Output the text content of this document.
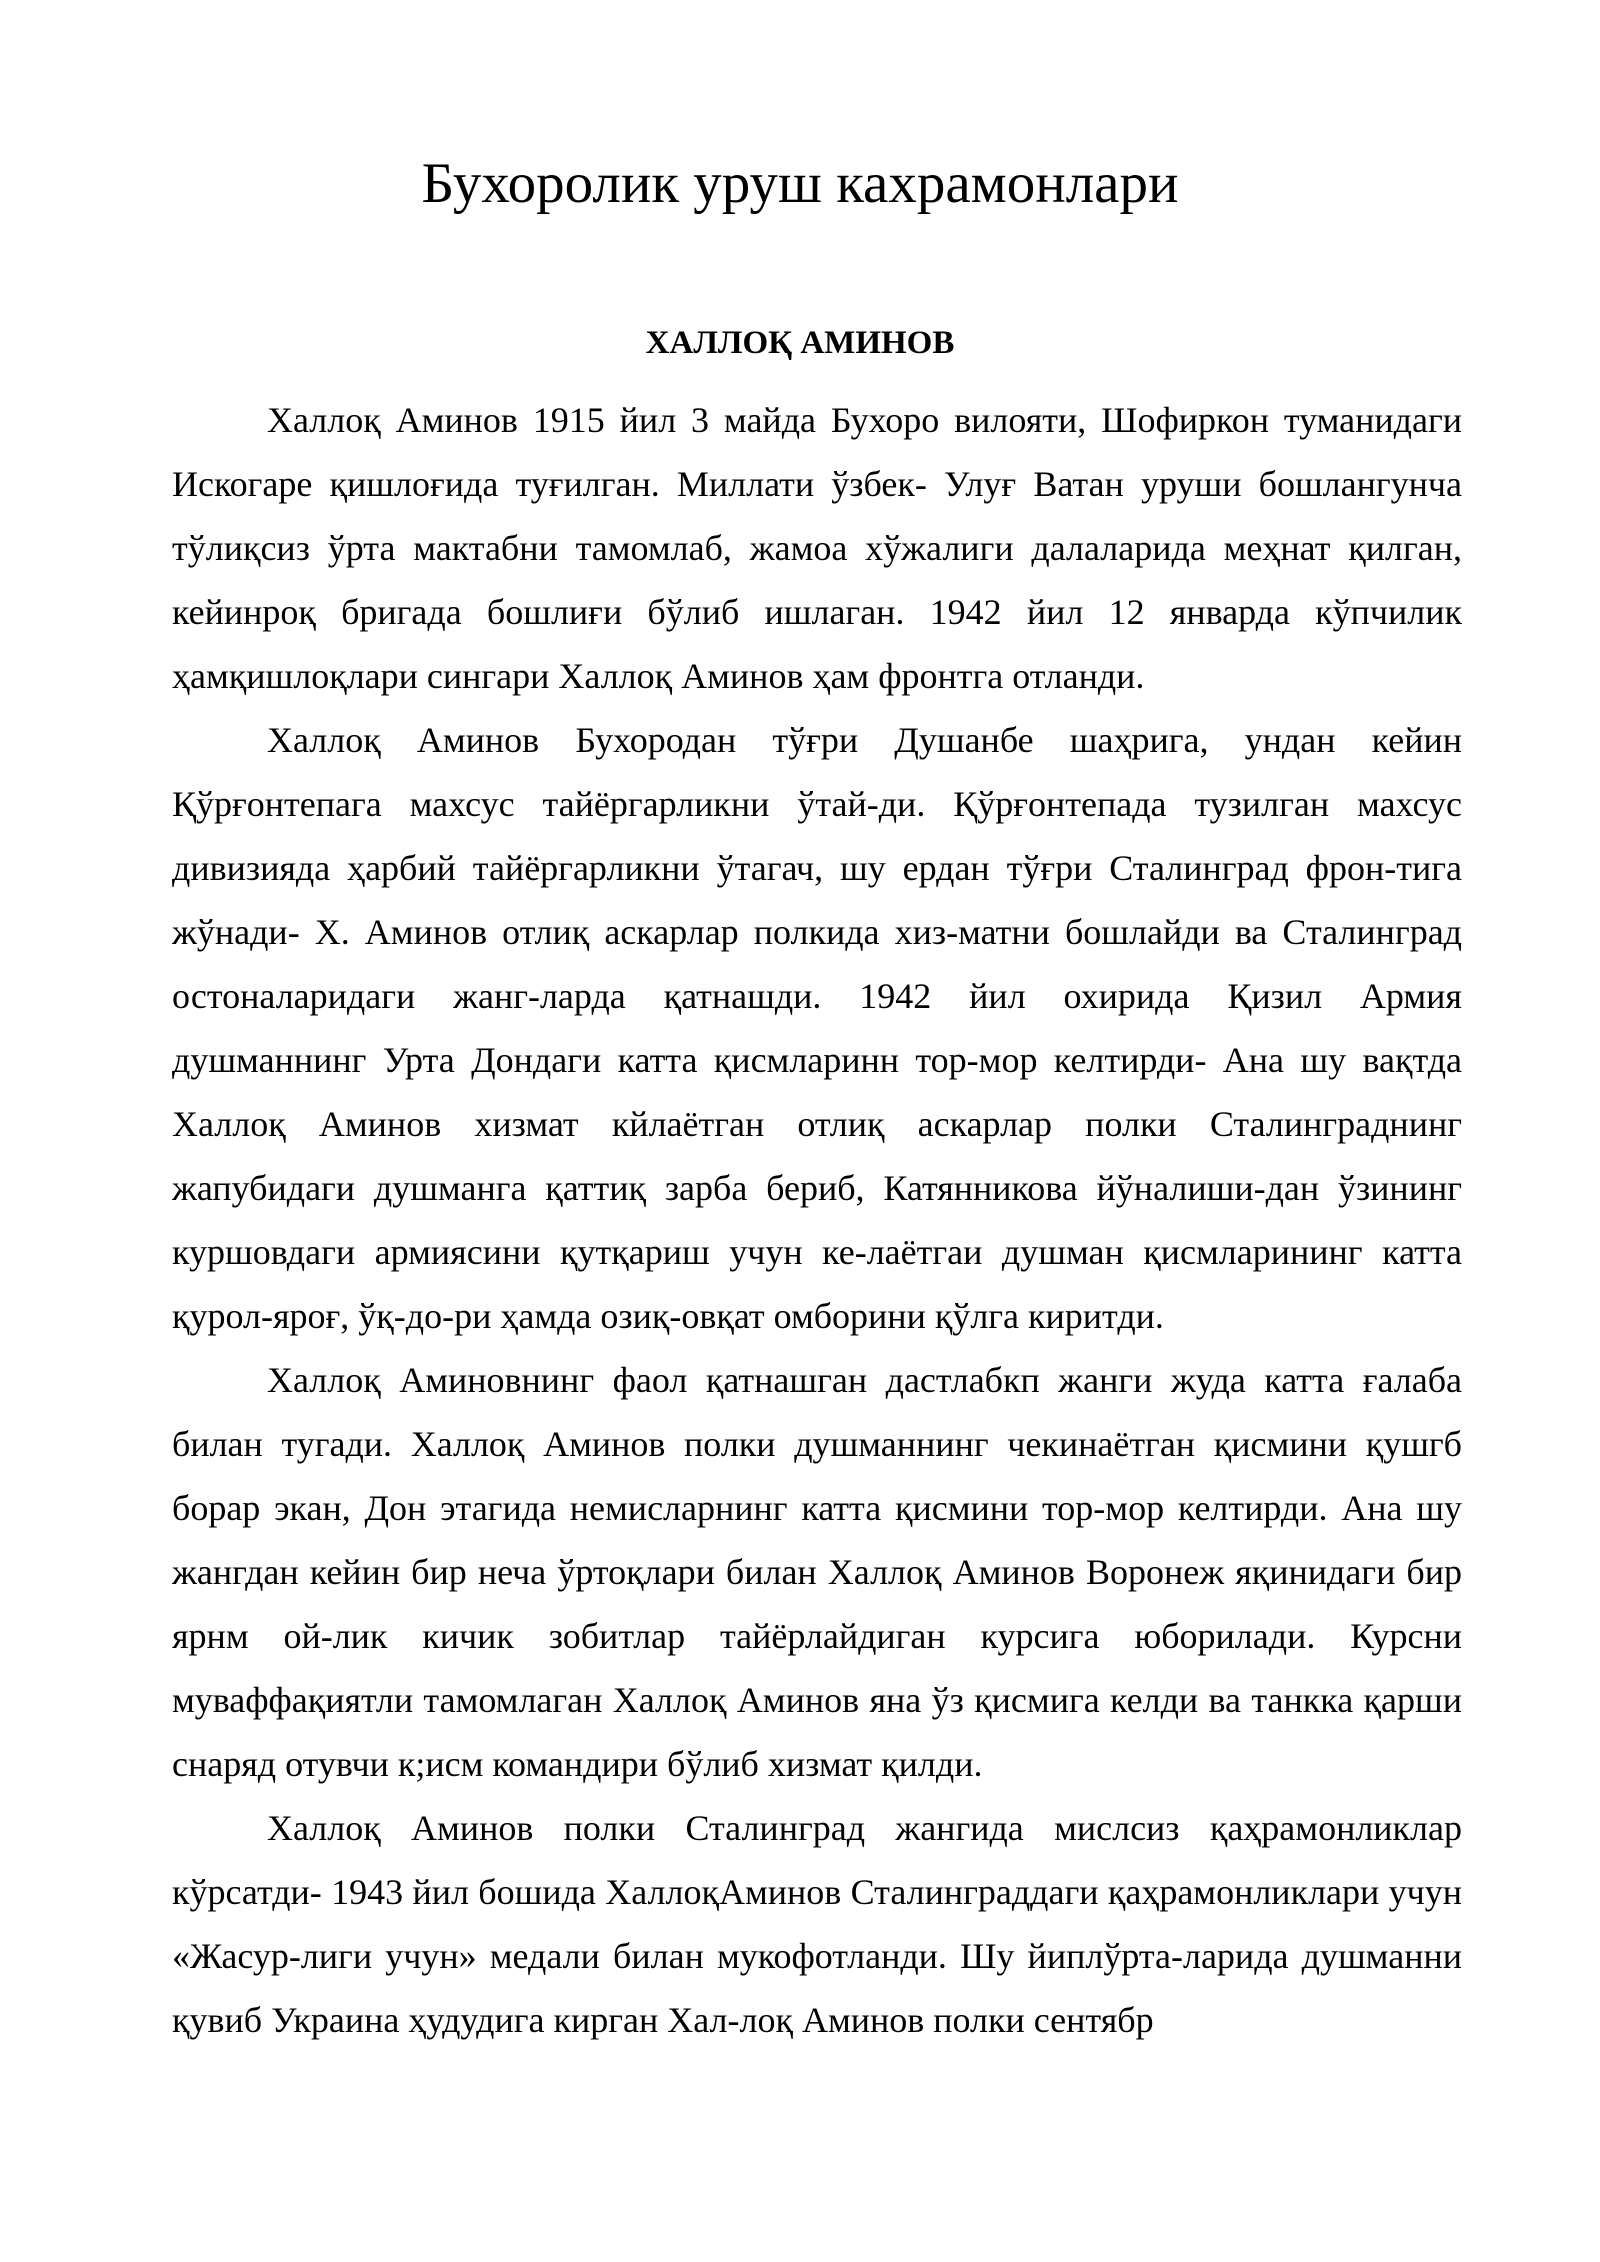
Бухоролик уруш кахрамонлари
ХАЛЛОҚ АМИНОВ

Халлоқ Аминов 1915 йил 3 майда Бухоро вилояти, Шофиркон туманидаги Искогаре қишлоғида туғилган. Миллати ўзбек- Улуғ Ватан уруши бошлангунча тўлиқсиз ўрта мактабни тамомлаб, жамоа хўжалиги далаларида меҳнат қилган, кейинроқ бригада бошлиғи бўлиб ишлаган. 1942 йил 12 январда кўпчилик ҳамқишлоқлари сингари Халлоқ Аминов ҳам фронтга отланди.

Халлоқ Аминов Бухородан тўғри Душанбе шаҳрига, ундан кейин Қўрғонтепага махсус тайёргарликни ўтай-ди. Қўрғонтепада тузилган махсус дивизияда ҳарбий тайёргарликни ўтагач, шу ердан тўғри Сталинград фрон-тига жўнади- Х. Аминов отлиқ аскарлар полкида хиз-матни бошлайди ва Сталинград остоналаридаги жанг-ларда қатнашди. 1942 йил охирида Қизил Армия душманнинг Урта Дондаги катта қисмларинн тор-мор келтирди- Ана шу вақтда Халлоқ Аминов хизмат кйлаётган отлиқ аскарлар полки Сталинграднинг жапубидаги душманга қаттиқ зарба бериб, Катянникова йўналиши-дан ўзининг куршовдаги армиясини қутқариш учун ке-лаётгаи душман қисмларининг катта қурол-яроғ, ўқ-до-ри ҳамда озиқ-овқат омборини қўлга киритди.

Халлоқ Аминовнинг фаол қатнашган дастлабкп жанги жуда катта ғалаба билан тугади. Халлоқ Аминов полки душманнинг чекинаётган қисмини қушгб борар экан, Дон этагида немисларнинг катта қисмини тор-мор келтирди. Ана шу жангдан кейин бир неча ўртоқлари билан Халлоқ Аминов Воронеж яқинидаги бир ярнм ой-лик кичик зобитлар тайёрлайдиган курсига юборилади. Курсни муваффақиятли тамомлаган Халлоқ Аминов яна ўз қисмига келди ва танкка қарши снаряд отувчи к;исм командири бўлиб хизмат қилди.

Халлоқ Аминов полки Сталинград жангида мислсиз қаҳрамонликлар кўрсатди- 1943 йил бошида ХаллоқАминов Сталинграддаги қаҳрамонликлари учун «Жасур-лиги учун» медали билан мукофотланди. Шу йиплўрта-ларида душманни қувиб Украина ҳудудига кирган Хал-лоқ Аминов полки сентябр
